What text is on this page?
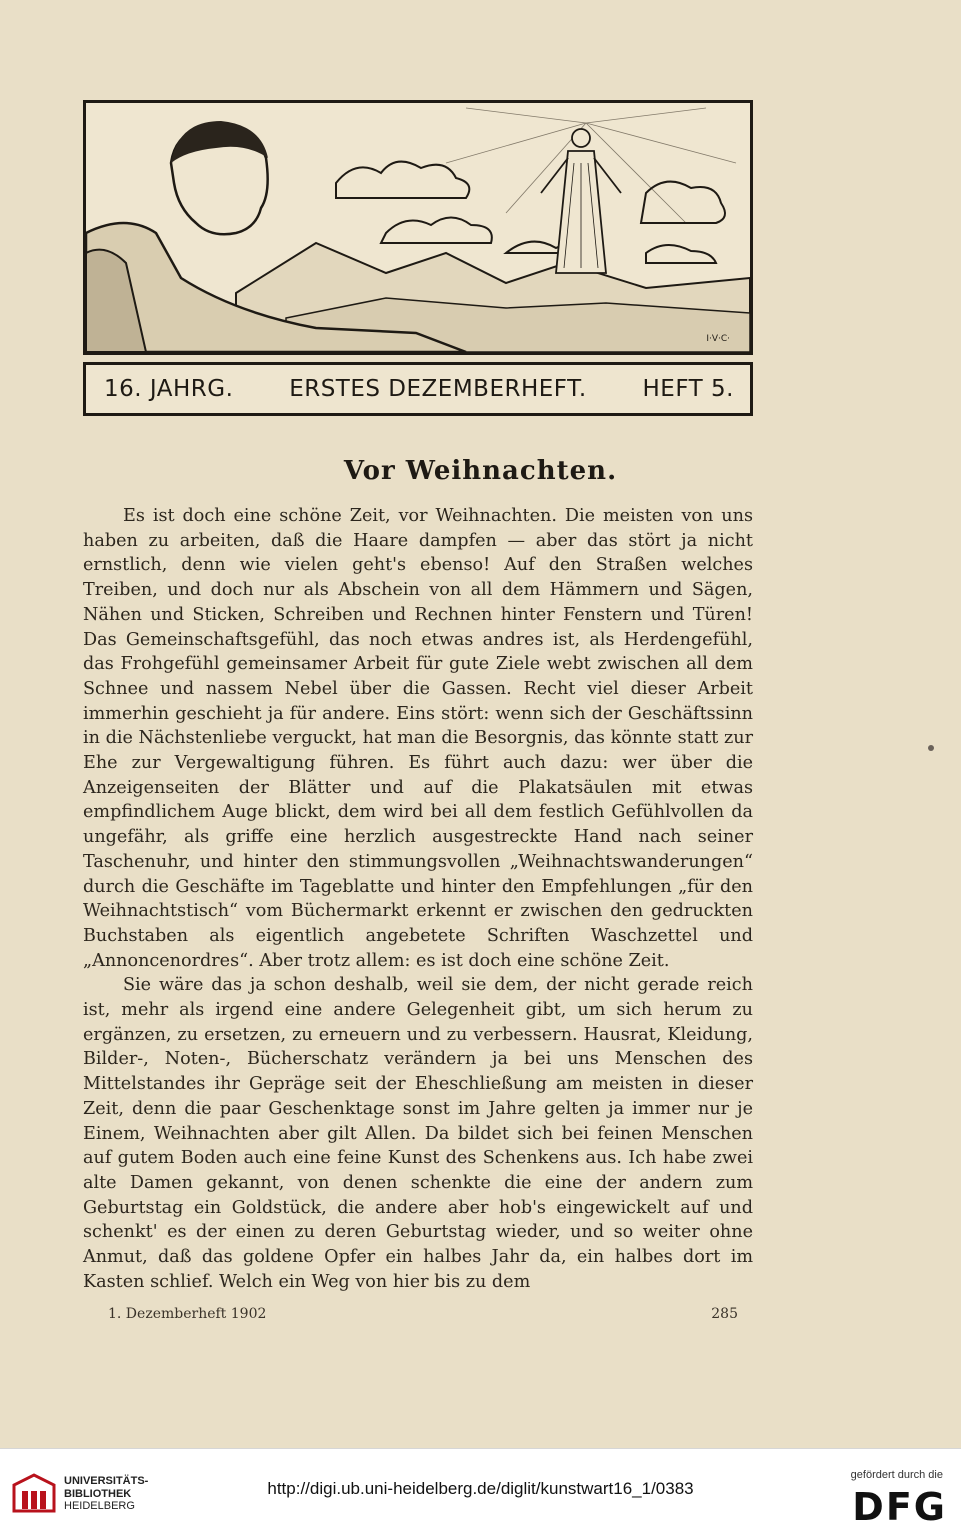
I·V·C·
16. JAHRG. ERSTES DEZEMBERHEFT. HEFT 5.
Vor Weihnachten.

Es ist doch eine schöne Zeit, vor Weihnachten. Die meisten von uns haben zu arbeiten, daß die Haare dampfen — aber das stört ja nicht ernstlich, denn wie vielen geht's ebenso! Auf den Straßen welches Treiben, und doch nur als Abschein von all dem Hämmern und Sägen, Nähen und Sticken, Schreiben und Rechnen hinter Fenstern und Türen! Das Gemeinschaftsgefühl, das noch etwas andres ist, als Herdengefühl, das Frohgefühl gemeinsamer Arbeit für gute Ziele webt zwischen all dem Schnee und nassem Nebel über die Gassen. Recht viel dieser Arbeit immerhin geschieht ja für andere. Eins stört: wenn sich der Geschäftssinn in die Nächstenliebe verguckt, hat man die Besorgnis, das könnte statt zur Ehe zur Vergewaltigung führen. Es führt auch dazu: wer über die Anzeigenseiten der Blätter und auf die Plakatsäulen mit etwas empfindlichem Auge blickt, dem wird bei all dem festlich Gefühlvollen da ungefähr, als griffe eine herzlich ausgestreckte Hand nach seiner Taschenuhr, und hinter den stimmungsvollen „Weihnachtswanderungen“ durch die Geschäfte im Tageblatte und hinter den Empfehlungen „für den Weihnachtstisch“ vom Büchermarkt erkennt er zwischen den gedruckten Buchstaben als eigentlich angebetete Schriften Waschzettel und „Annoncenordres“. Aber trotz allem: es ist doch eine schöne Zeit.

Sie wäre das ja schon deshalb, weil sie dem, der nicht gerade reich ist, mehr als irgend eine andere Gelegenheit gibt, um sich herum zu ergänzen, zu ersetzen, zu erneuern und zu verbessern. Hausrat, Kleidung, Bilder-, Noten-, Bücherschatz verändern ja bei uns Menschen des Mittelstandes ihr Gepräge seit der Eheschließung am meisten in dieser Zeit, denn die paar Geschenktage sonst im Jahre gelten ja immer nur je Einem, Weihnachten aber gilt Allen. Da bildet sich bei feinen Menschen auf gutem Boden auch eine feine Kunst des Schenkens aus. Ich habe zwei alte Damen gekannt, von denen schenkte die eine der andern zum Geburtstag ein Goldstück, die andere aber hob's eingewickelt auf und schenkt' es der einen zu deren Geburtstag wieder, und so weiter ohne Anmut, daß das goldene Opfer ein halbes Jahr da, ein halbes dort im Kasten schlief. Welch ein Weg von hier bis zu dem

1. Dezemberheft 1902	285
UNIVERSITÄTS-
BIBLIOTHEK
HEIDELBERG
http://digi.ub.uni-heidelberg.de/diglit/kunstwart16_1/0383
gefördert durch die
DFG
